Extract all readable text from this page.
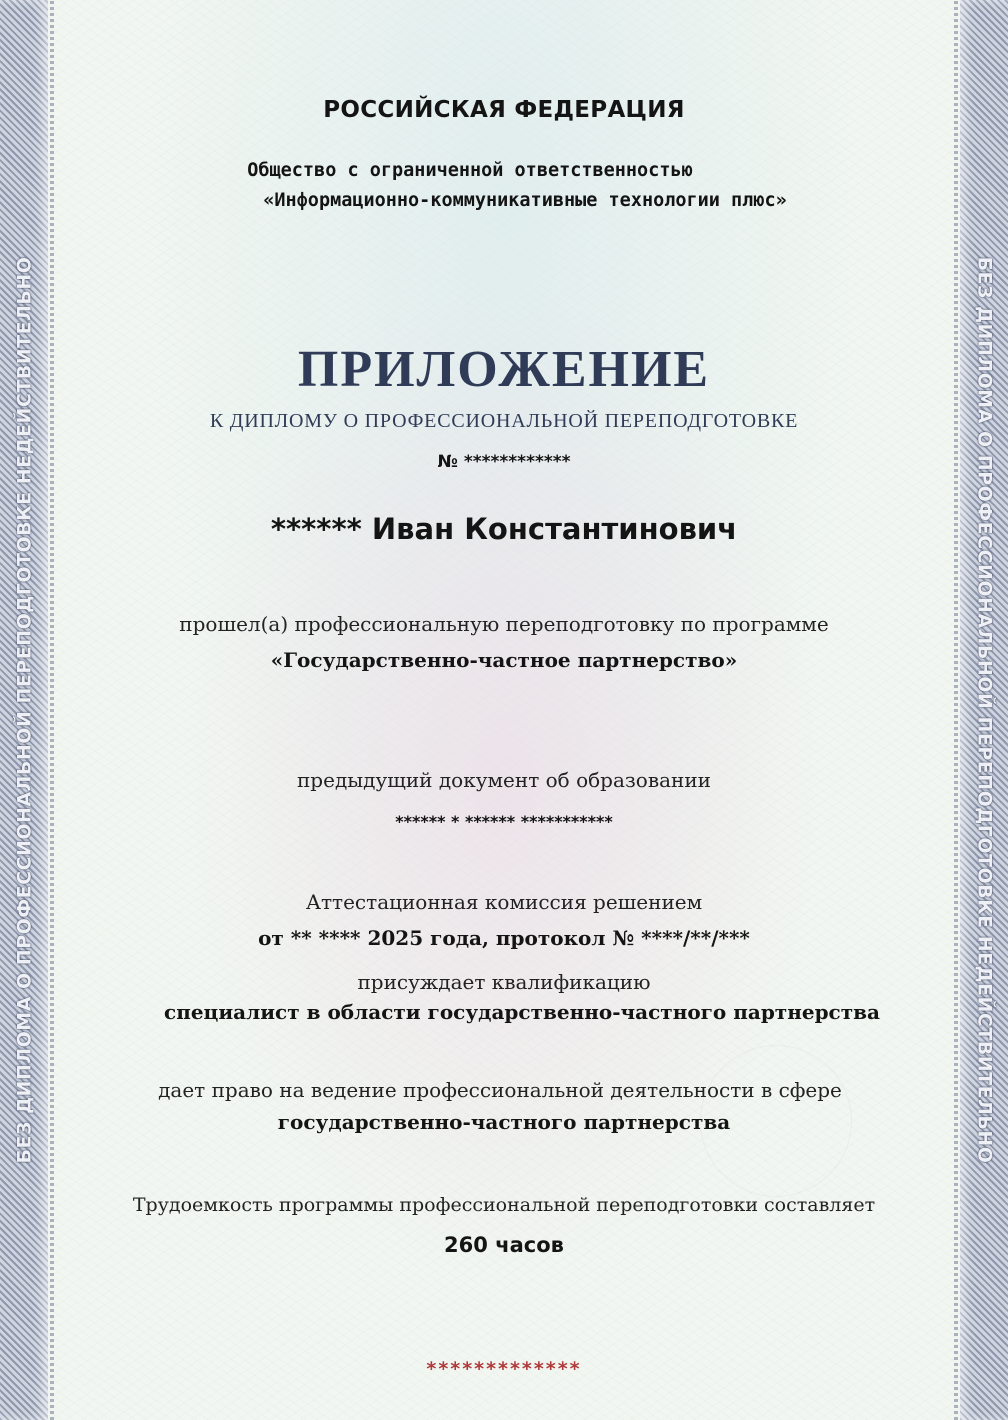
БЕЗ ДИПЛОМА О ПРОФЕССИОНАЛЬНОЙ ПЕРЕПОДГОТОВКЕ НЕДЕЙСТВИТЕЛЬНО	БЕЗ ДИПЛОМА О ПРОФЕССИОНАЛЬНОЙ ПЕРЕПОДГОТОВКЕ НЕДЕЙСТВИТЕЛЬНО
РОССИЙСКАЯ ФЕДЕРАЦИЯ
Общество с ограниченной ответственностью
«Информационно-коммуникативные технологии плюс»
ПРИЛОЖЕНИЕ
К ДИПЛОМУ О ПРОФЕССИОНАЛЬНОЙ ПЕРЕПОДГОТОВКЕ
№ ************
****** Иван Константинович
прошел(а) профессиональную переподготовку по программе
«Государственно-частное партнерство»
предыдущий документ об образовании
****** * ****** ***********
Аттестационная комиссия решением
от ** **** 2025 года, протокол № ****/**/***
присуждает квалификацию
специалист в области государственно-частного партнерства
дает право на ведение профессиональной деятельности в сфере
государственно-частного партнерства
Трудоемкость программы профессиональной переподготовки составляет
260 часов
*************
